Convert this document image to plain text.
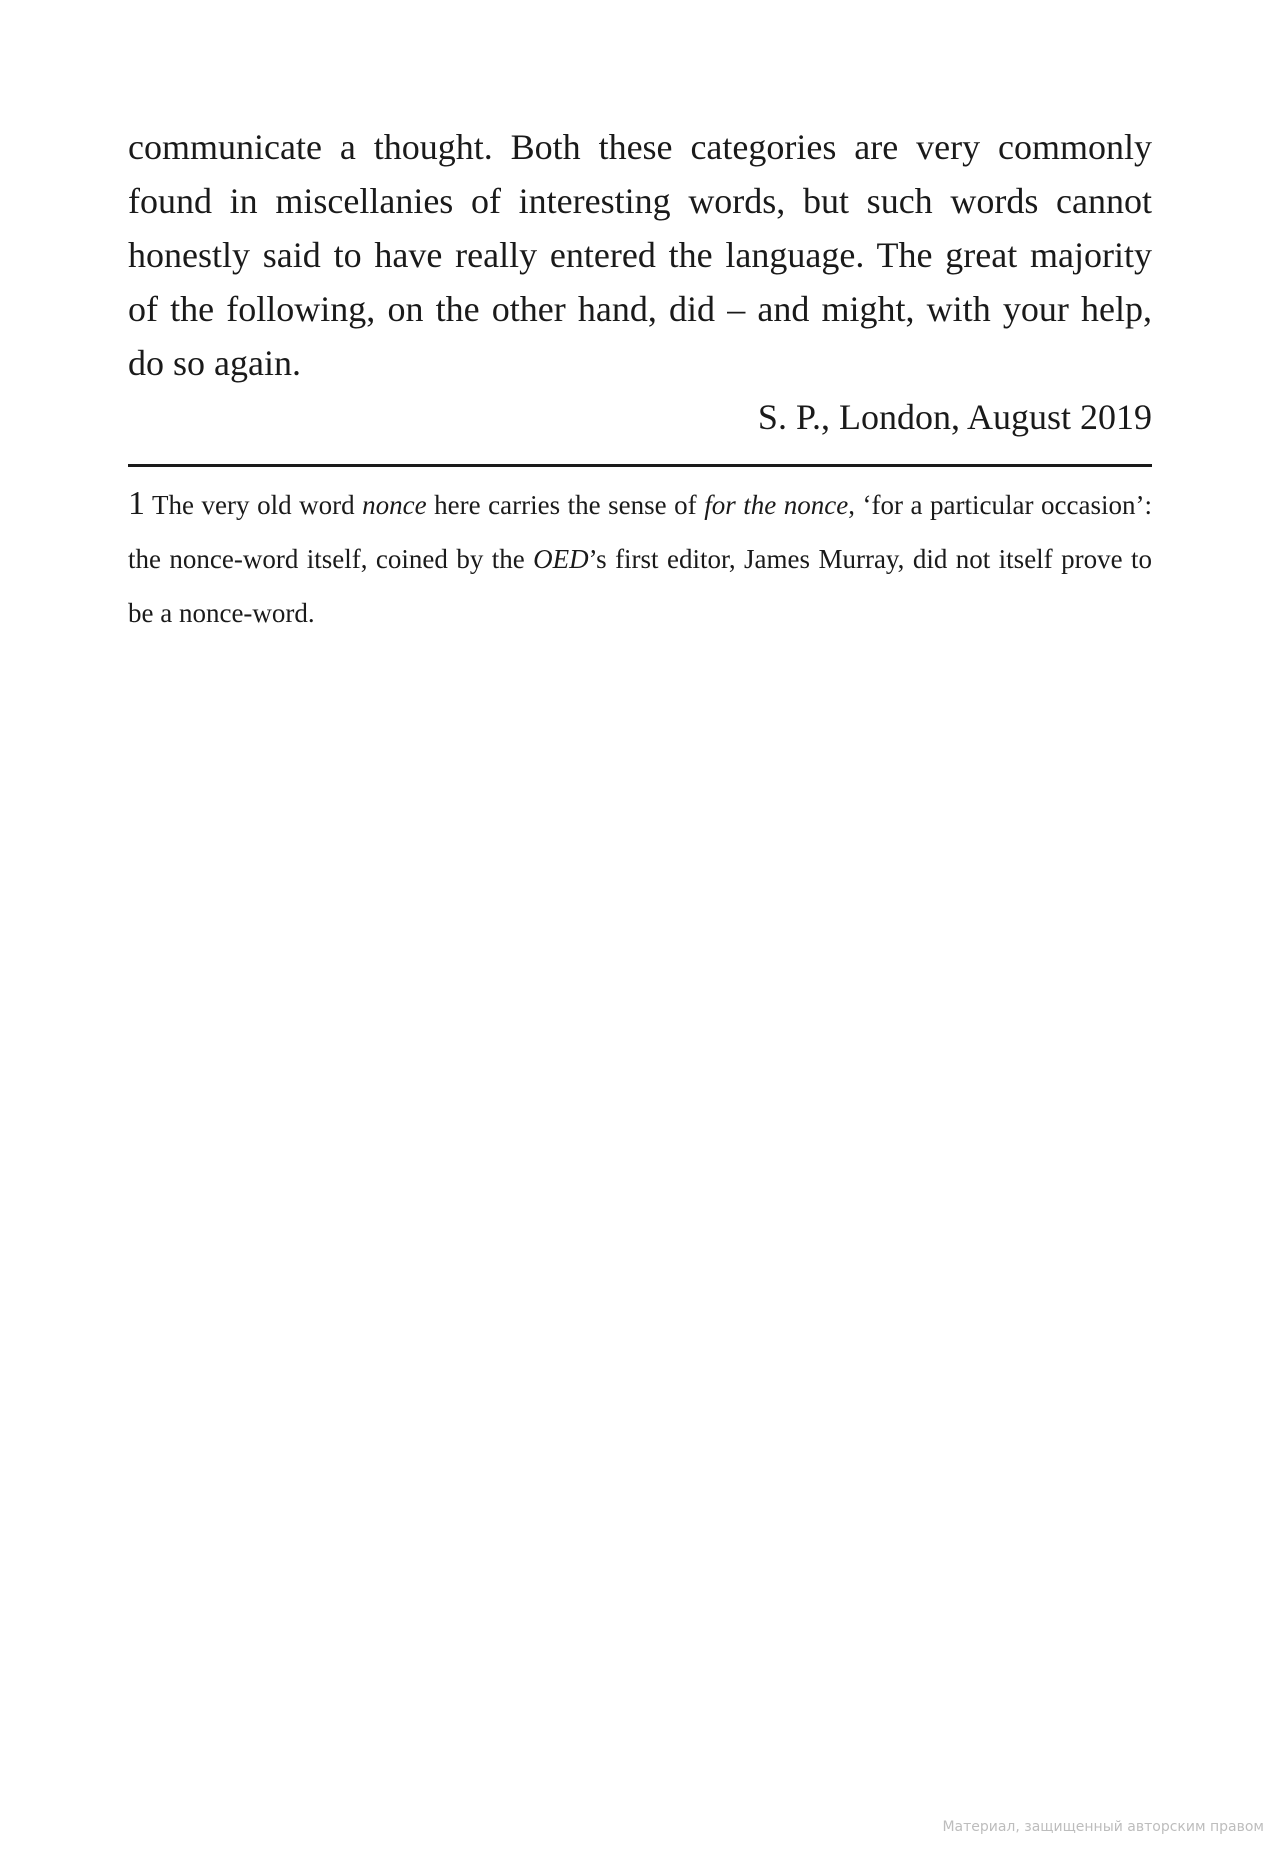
communicate a thought. Both these categories are very commonly found in miscellanies of interesting words, but such words cannot honestly said to have really entered the language. The great majority of the following, on the other hand, did – and might, with your help, do so again.

S. P., London, August 2019

1 The very old word nonce here carries the sense of for the nonce, ‘for a particular occasion’: the nonce-word itself, coined by the OED’s first editor, James Murray, did not itself prove to be a nonce-word.

Материал, защищенный авторским правом
